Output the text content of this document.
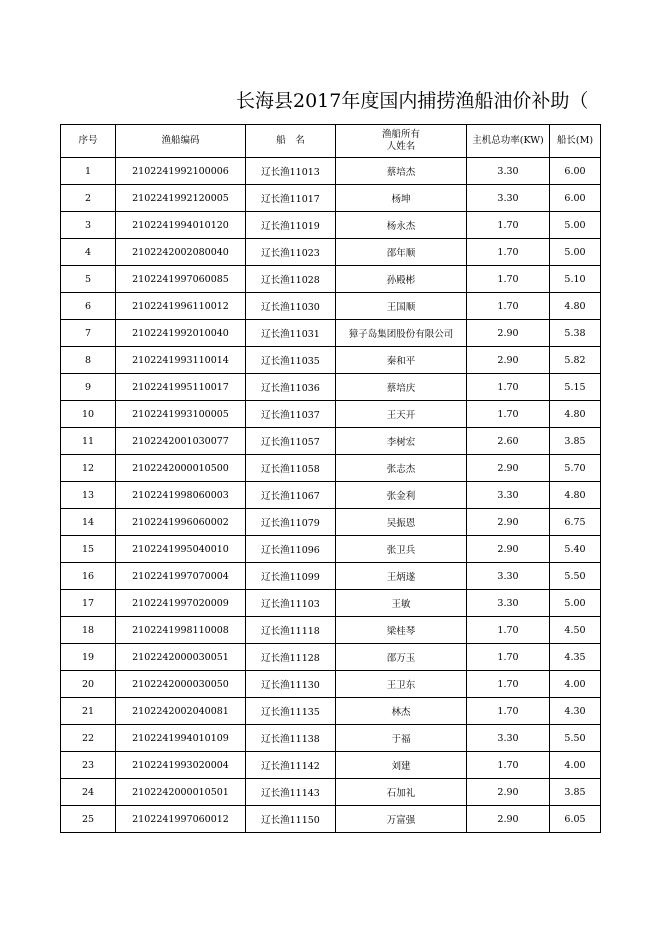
长海县2017年度国内捕捞渔船油价补助（
序号	渔船编码	船　名	渔船所有
人姓名	主机总功率(KW)	船长(M)
1	2102241992100006	辽长渔11013	蔡培杰	3.30	6.00
2	2102241992120005	辽长渔11017	杨坤	3.30	6.00
3	2102241994010120	辽长渔11019	杨永杰	1.70	5.00
4	2102242002080040	辽长渔11023	邵年顺	1.70	5.00
5	2102241997060085	辽长渔11028	孙殿彬	1.70	5.10
6	2102241996110012	辽长渔11030	王国顺	1.70	4.80
7	2102241992010040	辽长渔11031	獐子岛集团股份有限公司	2.90	5.38
8	2102241993110014	辽长渔11035	秦和平	2.90	5.82
9	2102241995110017	辽长渔11036	蔡培庆	1.70	5.15
10	2102241993100005	辽长渔11037	王天开	1.70	4.80
11	2102242001030077	辽长渔11057	李树宏	2.60	3.85
12	2102242000010500	辽长渔11058	张志杰	2.90	5.70
13	2102241998060003	辽长渔11067	张金利	3.30	4.80
14	2102241996060002	辽长渔11079	吴振恩	2.90	6.75
15	2102241995040010	辽长渔11096	张卫兵	2.90	5.40
16	2102241997070004	辽长渔11099	王炳遂	3.30	5.50
17	2102241997020009	辽长渔11103	王敏	3.30	5.00
18	2102241998110008	辽长渔11118	梁桂琴	1.70	4.50
19	2102242000030051	辽长渔11128	邵万玉	1.70	4.35
20	2102242000030050	辽长渔11130	王卫东	1.70	4.00
21	2102242002040081	辽长渔11135	林杰	1.70	4.30
22	2102241994010109	辽长渔11138	于福	3.30	5.50
23	2102241993020004	辽长渔11142	刘建	1.70	4.00
24	2102242000010501	辽长渔11143	石加礼	2.90	3.85
25	2102241997060012	辽长渔11150	万富强	2.90	6.05
